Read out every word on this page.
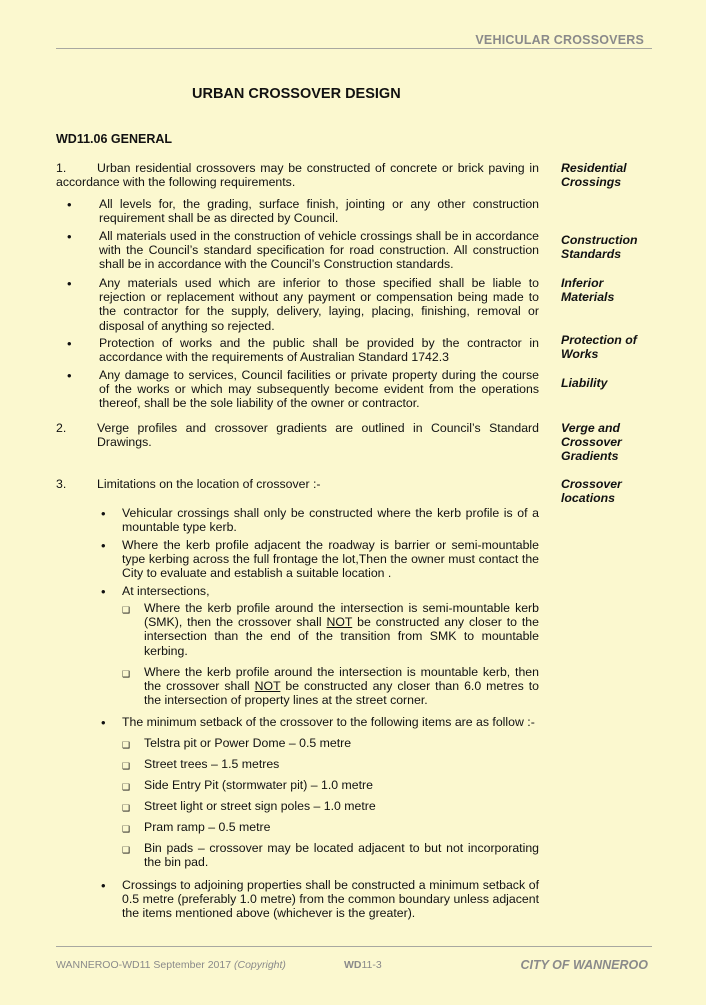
VEHICULAR CROSSOVERS
URBAN CROSSOVER DESIGN
WD11.06 GENERAL
1. Urban residential crossovers may be constructed of concrete or brick paving in accordance with the following requirements.
• All levels for, the grading, surface finish, jointing or any other construction requirement shall be as directed by Council.
• All materials used in the construction of vehicle crossings shall be in accordance with the Council’s standard specification for road construction. All construction shall be in accordance with the Council’s Construction standards.
• Any materials used which are inferior to those specified shall be liable to rejection or replacement without any payment or compensation being made to the contractor for the supply, delivery, laying, placing, finishing, removal or disposal of anything so rejected.
• Protection of works and the public shall be provided by the contractor in accordance with the requirements of Australian Standard 1742.3
• Any damage to services, Council facilities or private property during the course of the works or which may subsequently become evident from the operations thereof, shall be the sole liability of the owner or contractor.
2. Verge profiles and crossover gradients are outlined in Council’s Standard Drawings.
3. Limitations on the location of crossover :-
• Vehicular crossings shall only be constructed where the kerb profile is of a mountable type kerb.
• Where the kerb profile adjacent the roadway is barrier or semi-mountable type kerbing across the full frontage the lot,Then the owner must contact the City to evaluate and establish a suitable location .
• At intersections,
❑ Where the kerb profile around the intersection is semi-mountable kerb (SMK), then the crossover shall NOT be constructed any closer to the intersection than the end of the transition from SMK to mountable kerbing.
❑ Where the kerb profile around the intersection is mountable kerb, then the crossover shall NOT be constructed any closer than 6.0 metres to the intersection of property lines at the street corner.
• The minimum setback of the crossover to the following items are as follow :-
❑ Telstra pit or Power Dome – 0.5 metre
❑ Street trees – 1.5 metres
❑ Side Entry Pit (stormwater pit) – 1.0 metre
❑ Street light or street sign poles – 1.0 metre
❑ Pram ramp – 0.5 metre
❑ Bin pads – crossover may be located adjacent to but not incorporating the bin pad.
• Crossings to adjoining properties shall be constructed a minimum setback of 0.5 metre (preferably 1.0 metre) from the common boundary unless adjacent the items mentioned above (whichever is the greater).
Residential Crossings
Construction Standards
Inferior Materials
Protection of Works
Liability
Verge and Crossover Gradients
Crossover locations
WANNEROO-WD11 September 2017 (Copyright)	WD11-3	CITY OF WANNEROO
